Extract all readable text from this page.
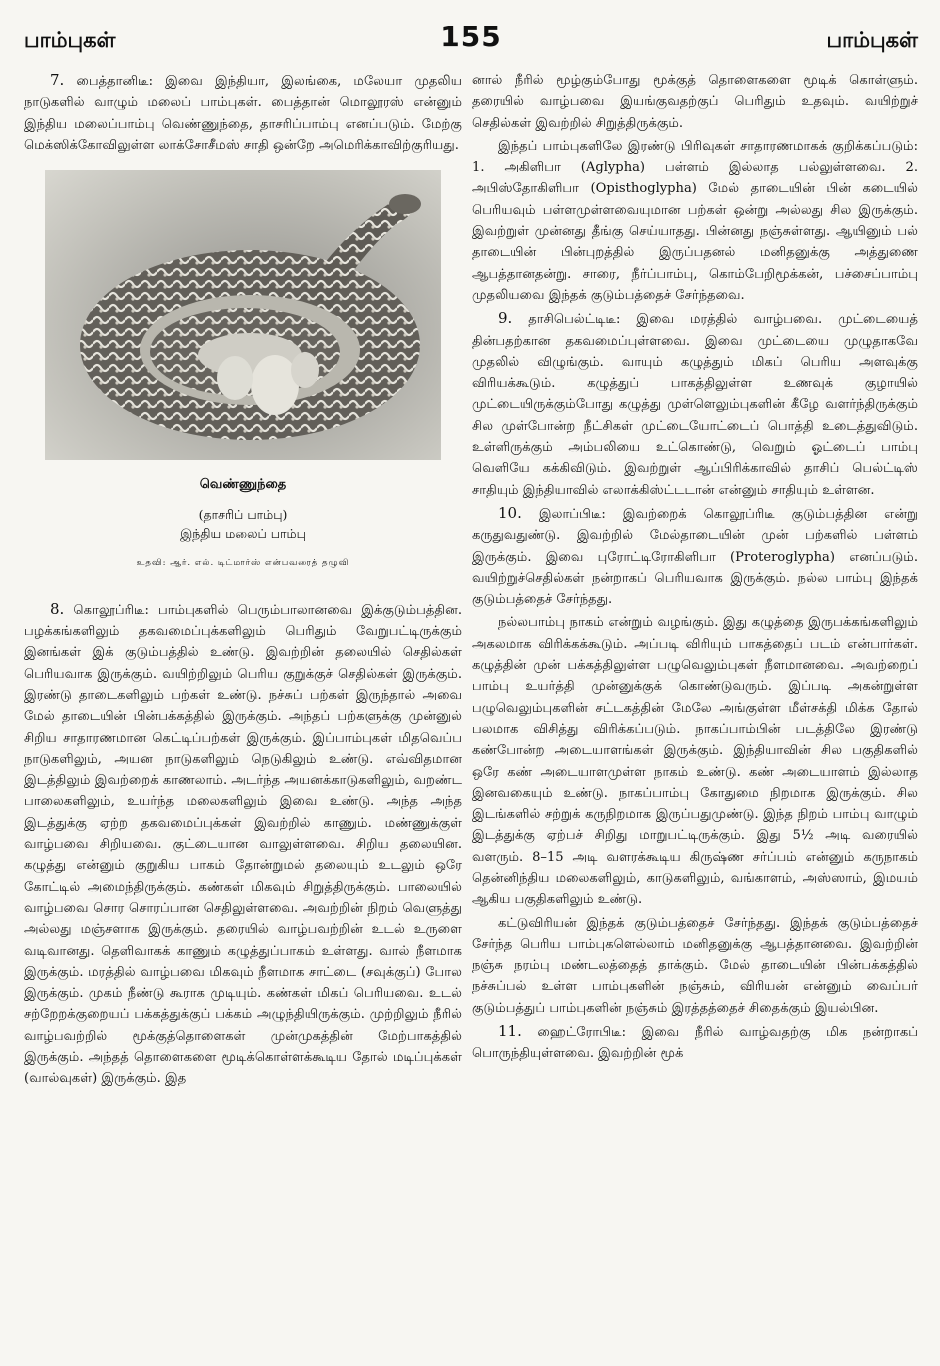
பாம்புகள்	155	பாம்புகள்

7. பைத்தானிடீ: இவை இந்தியா, இலங்கை, மலேயா முதலிய நாடுகளில் வாழும் மலைப் பாம்புகள். பைத்தான் மொலூரஸ் என்னும் இந்திய மலைப்பாம்பு வெண்ணுந்தை, தாசரிப்பாம்பு எனப்படும். மேற்கு மெக்ஸிக்கோவிலுள்ள லாக்சோசீமஸ் சாதி ஒன்றே அமெரிக்காவிற்குரியது.

வெண்ணுந்தை
(தாசரிப் பாம்பு)
இந்திய மலைப் பாம்பு
உதவி: ஆர். எல். டிட்மார்ஸ் என்பவரைத் தழுவி

8. கொலூப்ரிடீ: பாம்புகளில் பெரும்பாலானவை இக்குடும்பத்தின. பழக்கங்களிலும் தகவமைப்புக்களிலும் பெரிதும் வேறுபட்டிருக்கும் இனங்கள் இக் குடும்பத்தில் உண்டு. இவற்றின் தலையில் செதில்கள் பெரியவாக இருக்கும். வயிற்றிலும் பெரிய குறுக்குச் செதில்கள் இருக்கும். இரண்டு தாடைகளிலும் பற்கள் உண்டு. நச்சுப் பற்கள் இருந்தால் அவை மேல் தாடையின் பின்பக்கத்தில் இருக்கும். அந்தப் பற்களுக்கு முன்னுல் சிறிய சாதாரணமான கெட்டிப்பற்கள் இருக்கும். இப்பாம்புகள் மிதவெப்ப நாடுகளிலும், அயன நாடுகளிலும் நெடுகிலும் உண்டு. எவ்விதமான இடத்திலும் இவற்றைக் காணலாம். அடர்ந்த அயனக்காடுகளிலும், வறண்ட பாலைகளிலும், உயர்ந்த மலைகளிலும் இவை உண்டு. அந்த அந்த இடத்துக்கு ஏற்ற தகவமைப்புக்கள் இவற்றில் காணும். மண்ணுக்குள் வாழ்பவை சிறியவை. குட்டையான வாலுள்ளவை. சிறிய தலையின. கழுத்து என்னும் குறுகிய பாகம் தோன்றுமல் தலையும் உடலும் ஒரே கோட்டில் அமைந்திருக்கும். கண்கள் மிகவும் சிறுத்திருக்கும். பாலையில் வாழ்பவை சொர சொரப்பான செதிலுள்ளவை. அவற்றின் நிறம் வெளுத்து அல்லது மஞ்சளாக இருக்கும். தரையில் வாழ்பவற்றின் உடல் உருளை வடிவானது. தெளிவாகக் காணும் கழுத்துப்பாகம் உள்ளது. வால் நீளமாக இருக்கும். மரத்தில் வாழ்பவை மிகவும் நீளமாக சாட்டை (சவுக்குப்) போல இருக்கும். முகம் நீண்டு கூராக முடியும். கண்கள் மிகப் பெரியவை. உடல் சற்றேறக்குறையப் பக்கத்துக்குப் பக்கம் அழுந்தியிருக்கும். முற்றிலும் நீரில் வாழ்பவற்றில் மூக்குத்தொளைகள் முன்முகத்தின் மேற்பாகத்தில் இருக்கும். அந்தத் தொளைகளை மூடிக்கொள்ளக்கூடிய தோல் மடிப்புக்கள் (வால்வுகள்) இருக்கும். இத

னால் நீரில் மூழ்கும்போது மூக்குத் தொளைகளை மூடிக் கொள்ளும். தரையில் வாழ்பவை இயங்குவதற்குப் பெரிதும் உதவும். வயிற்றுச் செதில்கள் இவற்றில் சிறுத்திருக்கும்.

இந்தப் பாம்புகளிலே இரண்டு பிரிவுகள் சாதாரணமாகக் குறிக்கப்படும்: 1. அகிளிபா (Aglypha) பள்ளம் இல்லாத பல்லுள்ளவை. 2. அபிஸ்தோகிளிபா (Opisthoglypha) மேல் தாடையின் பின் கடையில் பெரியவும் பள்ளமுள்ளவையுமான பற்கள் ஒன்று அல்லது சில இருக்கும். இவற்றுள் முன்னது தீங்கு செய்யாதது. பின்னது நஞ்சுள்ளது. ஆயினும் பல் தாடையின் பின்புறத்தில் இருப்பதனல் மனிதனுக்கு அத்துணை ஆபத்தானதன்று. சாரை, நீர்ப்பாம்பு, கொம்பேறிமூக்கன், பச்சைப்பாம்பு முதலியவை இந்தக் குடும்பத்தைச் சேர்ந்தவை.

9. தாசிபெல்ட்டிடீ: இவை மரத்தில் வாழ்பவை. முட்டையைத் தின்பதற்கான தகவமைப்புள்ளவை. இவை முட்டையை முழுதாகவே முதலில் விழுங்கும். வாயும் கழுத்தும் மிகப் பெரிய அளவுக்கு விரியக்கூடும். கழுத்துப் பாகத்திலுள்ள உணவுக் குழாயில் முட்டையிருக்கும்போது கழுத்து முள்ளெலும்புகளின் கீழே வளர்ந்திருக்கும் சில முள்போன்ற நீட்சிகள் முட்டையோட்டைப் பொத்தி உடைத்துவிடும். உள்ளிருக்கும் அம்பலியை உட்கொண்டு, வெறும் ஓட்டைப் பாம்பு வெளியே கக்கிவிடும். இவற்றுள் ஆப்பிரிக்காவில் தாசிப் பெல்ட்டிஸ் சாதியும் இந்தியாவில் எலாக்கிஸ்ட்டடான் என்னும் சாதியும் உள்ளன.

10. இலாப்பிடீ: இவற்றைக் கொலூப்ரிடீ குடும்பத்தின என்று கருதுவதுண்டு. இவற்றில் மேல்தாடையின் முன் பற்களில் பள்ளம் இருக்கும். இவை புரோட்டிரோகிளிபா (Proteroglypha) எனப்படும். வயிற்றுச்செதில்கள் நன்றாகப் பெரியவாக இருக்கும். நல்ல பாம்பு இந்தக் குடும்பத்தைச் சேர்ந்தது.

நல்லபாம்பு நாகம் என்றும் வழங்கும். இது கழுத்தை இருபக்கங்களிலும் அகலமாக விரிக்கக்கூடும். அப்படி விரியும் பாகத்தைப் படம் என்பார்கள். கழுத்தின் முன் பக்கத்திலுள்ள பழுவெலும்புகள் நீளமானவை. அவற்றைப் பாம்பு உயர்த்தி முன்னுக்குக் கொண்டுவரும். இப்படி அகன்றுள்ள பழுவெலும்புகளின் சட்டகத்தின் மேலே அங்குள்ள மீள்சக்தி மிக்க தோல் பலமாக விசித்து விரிக்கப்படும். நாகப்பாம்பின் படத்திலே இரண்டு கண்போன்ற அடையாளங்கள் இருக்கும். இந்தியாவின் சில பகுதிகளில் ஒரே கண் அடையாளமுள்ள நாகம் உண்டு. கண் அடையாளம் இல்லாத இனவகையும் உண்டு. நாகப்பாம்பு கோதுமை நிறமாக இருக்கும். சில இடங்களில் சற்றுக் கருநிறமாக இருப்பதுமுண்டு. இந்த நிறம் பாம்பு வாழும் இடத்துக்கு ஏற்பச் சிறிது மாறுபட்டிருக்கும். இது 5½ அடி வரையில் வளரும். 8–15 அடி வளரக்கூடிய கிருஷ்ண சர்ப்பம் என்னும் கருநாகம் தென்னிந்திய மலைகளிலும், காடுகளிலும், வங்காளம், அஸ்ஸாம், இமயம் ஆகிய பகுதிகளிலும் உண்டு.

கட்டுவிரியன் இந்தக் குடும்பத்தைச் சேர்ந்தது. இந்தக் குடும்பத்தைச் சேர்ந்த பெரிய பாம்புகளெல்லாம் மனிதனுக்கு ஆபத்தானவை. இவற்றின் நஞ்சு நரம்பு மண்டலத்தைத் தாக்கும். மேல் தாடையின் பின்பக்கத்தில் நச்சுப்பல் உள்ள பாம்புகளின் நஞ்சும், விரியன் என்னும் வைப்பர் குடும்பத்துப் பாம்புகளின் நஞ்சும் இரத்தத்தைச் சிதைக்கும் இயல்பின.

11. ஹைட்ரோபிடீ: இவை நீரில் வாழ்வதற்கு மிக நன்றாகப் பொருந்தியுள்ளவை. இவற்றின் மூக்
